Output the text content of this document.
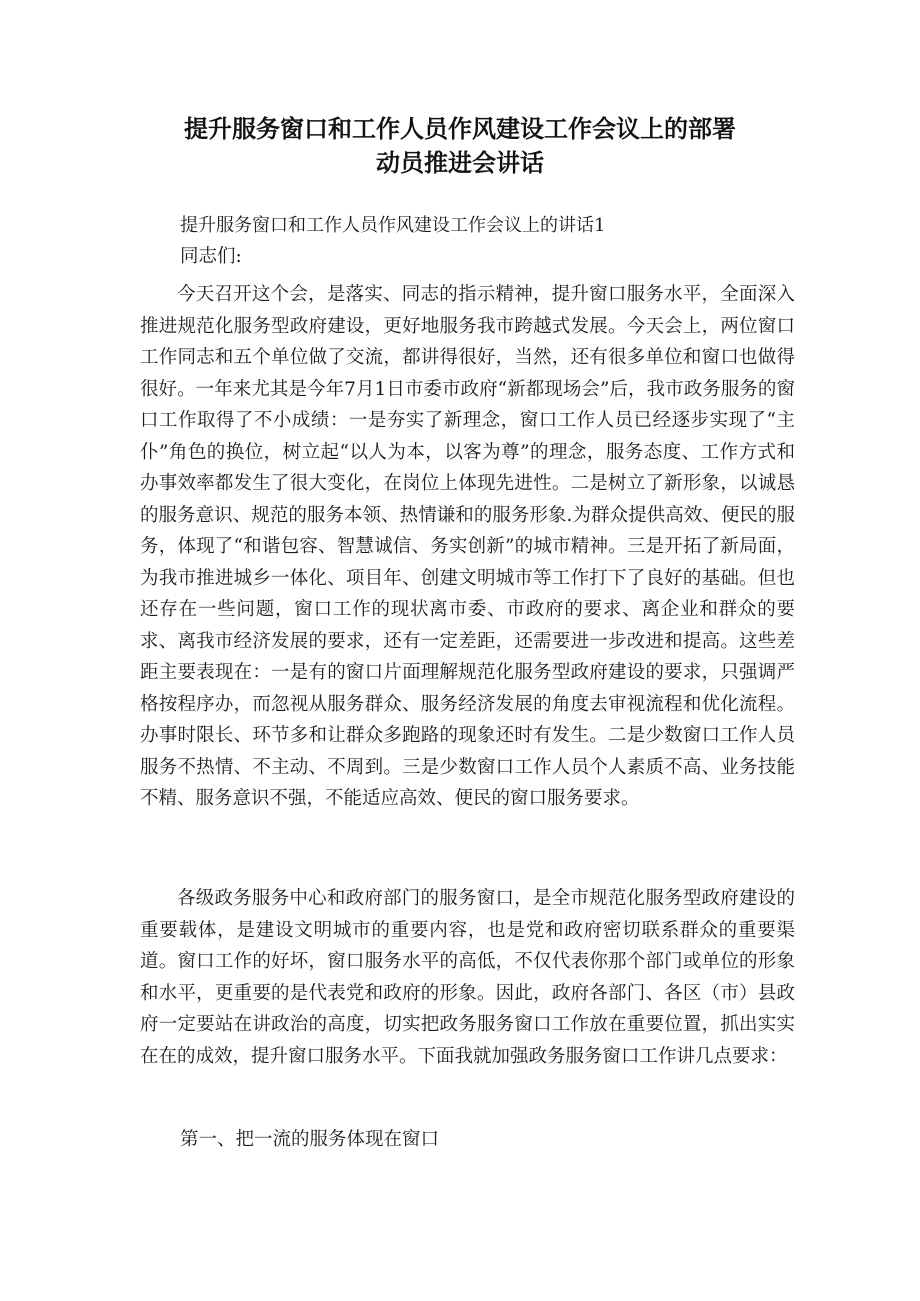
提升服务窗口和工作人员作风建设工作会议上的部署
动员推进会讲话
提升服务窗口和工作人员作风建设工作会议上的讲话1
同志们:

今天召开这个会，是落实、同志的指示精神，提升窗口服务水平，全面深入推进规范化服务型政府建设，更好地服务我市跨越式发展。今天会上，两位窗口工作同志和五个单位做了交流，都讲得很好，当然，还有很多单位和窗口也做得很好。一年来尤其是今年7月1日市委市政府“新都现场会”后，我市政务服务的窗口工作取得了不小成绩：一是夯实了新理念，窗口工作人员已经逐步实现了“主仆”角色的换位，树立起“以人为本，以客为尊”的理念，服务态度、工作方式和办事效率都发生了很大变化，在岗位上体现先进性。二是树立了新形象，以诚恳的服务意识、规范的服务本领、热情谦和的服务形象.为群众提供高效、便民的服务，体现了“和谐包容、智慧诚信、务实创新”的城市精神。三是开拓了新局面，为我市推进城乡一体化、项目年、创建文明城市等工作打下了良好的基础。但也还存在一些问题，窗口工作的现状离市委、市政府的要求、离企业和群众的要求、离我市经济发展的要求，还有一定差距，还需要进一步改进和提高。这些差距主要表现在：一是有的窗口片面理解规范化服务型政府建设的要求，只强调严格按程序办，而忽视从服务群众、服务经济发展的角度去审视流程和优化流程。办事时限长、环节多和让群众多跑路的现象还时有发生。二是少数窗口工作人员服务不热情、不主动、不周到。三是少数窗口工作人员个人素质不高、业务技能不精、服务意识不强，不能适应高效、便民的窗口服务要求。

各级政务服务中心和政府部门的服务窗口，是全市规范化服务型政府建设的重要载体，是建设文明城市的重要内容，也是党和政府密切联系群众的重要渠道。窗口工作的好坏，窗口服务水平的高低，不仅代表你那个部门或单位的形象和水平，更重要的是代表党和政府的形象。因此，政府各部门、各区（市）县政府一定要站在讲政治的高度，切实把政务服务窗口工作放在重要位置，抓出实实在在的成效，提升窗口服务水平。下面我就加强政务服务窗口工作讲几点要求：

第一、把一流的服务体现在窗口
